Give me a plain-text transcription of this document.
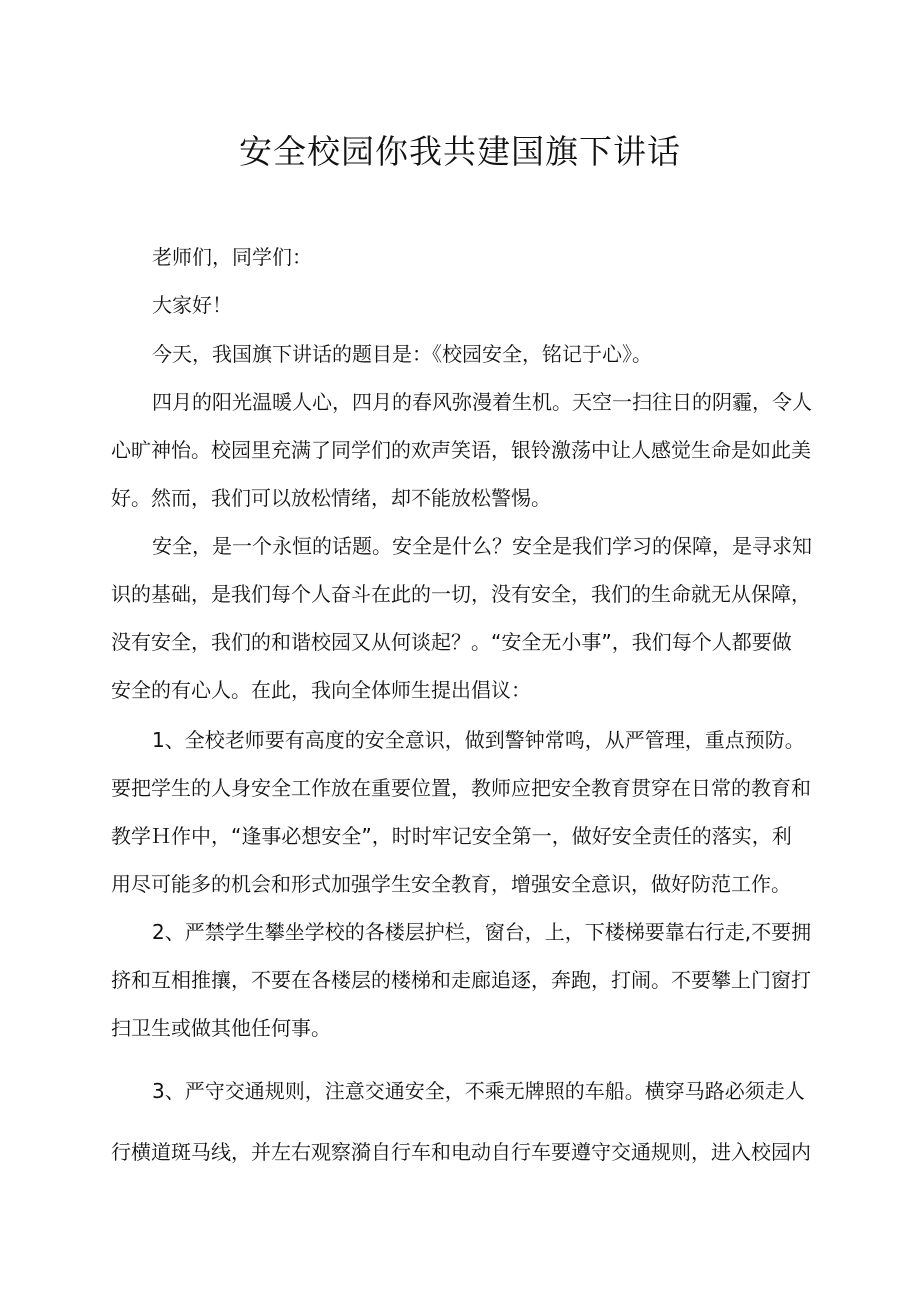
安全校园你我共建国旗下讲话

老师们，同学们：

大家好！

今天，我国旗下讲话的题目是：《校园安全，铭记于心》。

四月的阳光温暖人心，四月的春风弥漫着生机。天空一扫往日的阴霾，令人

心旷神怡。校园里充满了同学们的欢声笑语，银铃激荡中让人感觉生命是如此美

好。然而，我们可以放松情绪，却不能放松警惕。

安全，是一个永恒的话题。安全是什么？安全是我们学习的保障，是寻求知

识的基础，是我们每个人奋斗在此的一切，没有安全，我们的生命就无从保障，

没有安全，我们的和谐校园又从何谈起？。“安全无小事”，我们每个人都要做

安全的有心人。在此，我向全体师生提出倡议：

1、全校老师要有高度的安全意识，做到警钟常鸣，从严管理，重点预防。

要把学生的人身安全工作放在重要位置，教师应把安全教育贯穿在日常的教育和

教学Ｈ作中，“逢事必想安全”，时时牢记安全第一，做好安全责任的落实，利

用尽可能多的机会和形式加强学生安全教育，增强安全意识，做好防范工作。

2、严禁学生攀坐学校的各楼层护栏，窗台，上，下楼梯要靠右行走,不要拥

挤和互相推攘，不要在各楼层的楼梯和走廊追逐，奔跑，打闹。不要攀上门窗打

扫卫生或做其他任何事。

3、严守交通规则，注意交通安全，不乘无牌照的车船。横穿马路必须走人

行横道斑马线，并左右观察漪自行车和电动自行车要遵守交通规则，进入校园内
